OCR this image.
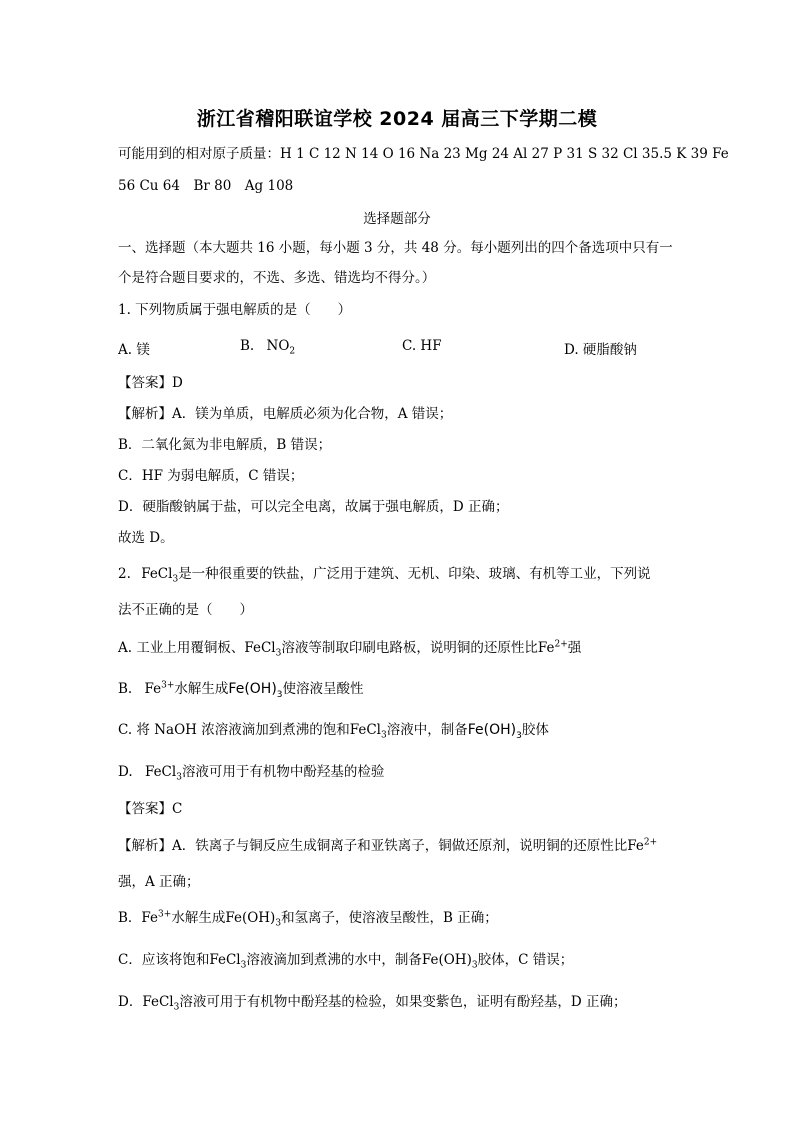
浙江省稽阳联谊学校 2024 届高三下学期二模
可能用到的相对原子质量：H 1 C 12 N 14 O 16 Na 23 Mg 24 Al 27 P 31 S 32 Cl 35.5 K 39 Fe
56 Cu 64　Br 80　Ag 108
选择题部分
一、选择题（本大题共 16 小题，每小题 3 分，共 48 分。每小题列出的四个备选项中只有一
个是符合题目要求的，不选、多选、错选均不得分。）
1. 下列物质属于强电解质的是（　　）
A. 镁	B. $NO_2$	C. HF	D. 硬脂酸钠
【答案】D
【解析】A．镁为单质，电解质必须为化合物，A 错误；
B．二氧化氮为非电解质，B 错误；
C．HF 为弱电解质，C 错误；
D．硬脂酸钠属于盐，可以完全电离，故属于强电解质，D 正确；
故选 D。
2. FeCl$_3$是一种很重要的铁盐，广泛用于建筑、无机、印染、玻璃、有机等工业，下列说
法不正确的是（　　）
A. 工业上用覆铜板、FeCl$_3$溶液等制取印刷电路板，说明铜的还原性比$Fe^{2+}$强
B. $Fe^{3+}$水解生成$Fe(OH)_3$使溶液呈酸性
C. 将 NaOH 浓溶液滴加到煮沸的饱和FeCl$_3$溶液中，制备$Fe(OH)_3$胶体
D. FeCl$_3$溶液可用于有机物中酚羟基的检验
【答案】C
【解析】A．铁离子与铜反应生成铜离子和亚铁离子，铜做还原剂，说明铜的还原性比$Fe^{2+}$
强，A 正确；
B．$Fe^{3+}$水解生成$Fe(OH)_3$和氢离子，使溶液呈酸性，B 正确；
C．应该将饱和FeCl$_3$溶液滴加到煮沸的水中，制备$Fe(OH)_3$胶体，C 错误；
D．FeCl$_3$溶液可用于有机物中酚羟基的检验，如果变紫色，证明有酚羟基，D 正确；
